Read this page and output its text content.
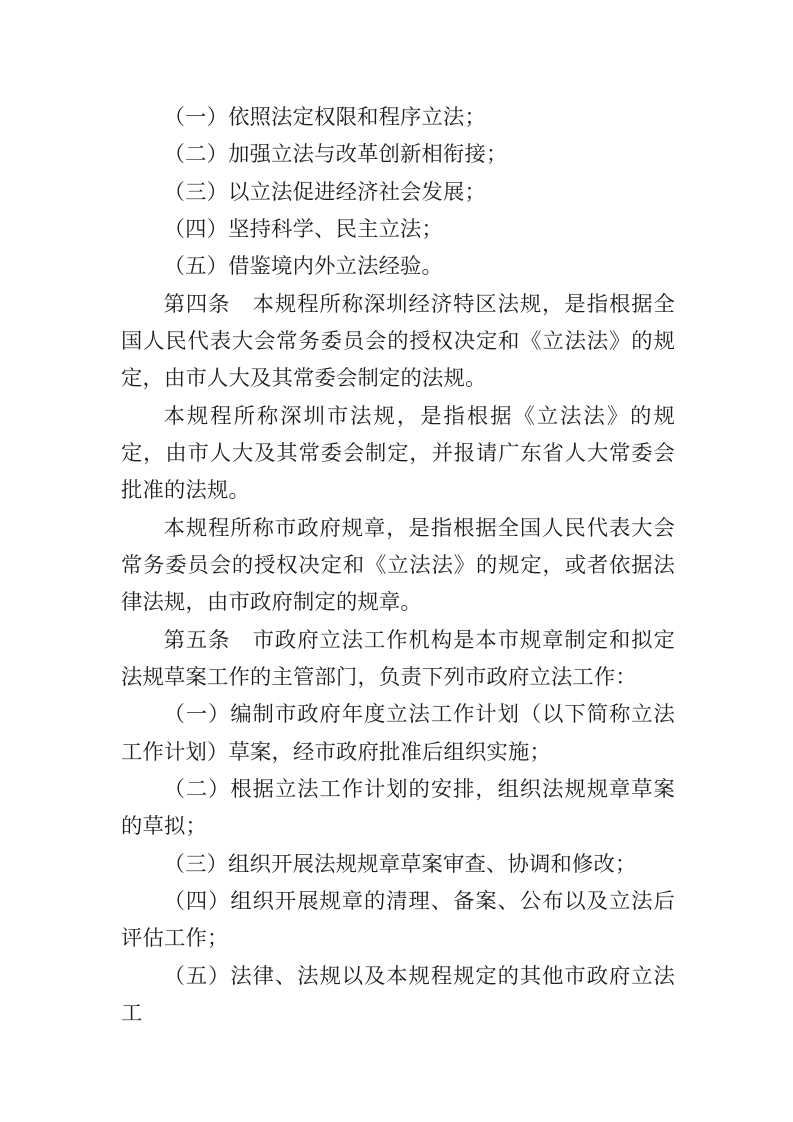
（一）依照法定权限和程序立法；

（二）加强立法与改革创新相衔接；

（三）以立法促进经济社会发展；

（四）坚持科学、民主立法；

（五）借鉴境内外立法经验。

第四条　本规程所称深圳经济特区法规，是指根据全国人民代表大会常务委员会的授权决定和《立法法》的规定，由市人大及其常委会制定的法规。

本规程所称深圳市法规，是指根据《立法法》的规定，由市人大及其常委会制定，并报请广东省人大常委会批准的法规。

本规程所称市政府规章，是指根据全国人民代表大会常务委员会的授权决定和《立法法》的规定，或者依据法律法规，由市政府制定的规章。

第五条　市政府立法工作机构是本市规章制定和拟定法规草案工作的主管部门，负责下列市政府立法工作：

（一）编制市政府年度立法工作计划（以下简称立法工作计划）草案，经市政府批准后组织实施；

（二）根据立法工作计划的安排，组织法规规章草案的草拟；

（三）组织开展法规规章草案审查、协调和修改；

（四）组织开展规章的清理、备案、公布以及立法后评估工作；

（五）法律、法规以及本规程规定的其他市政府立法工
